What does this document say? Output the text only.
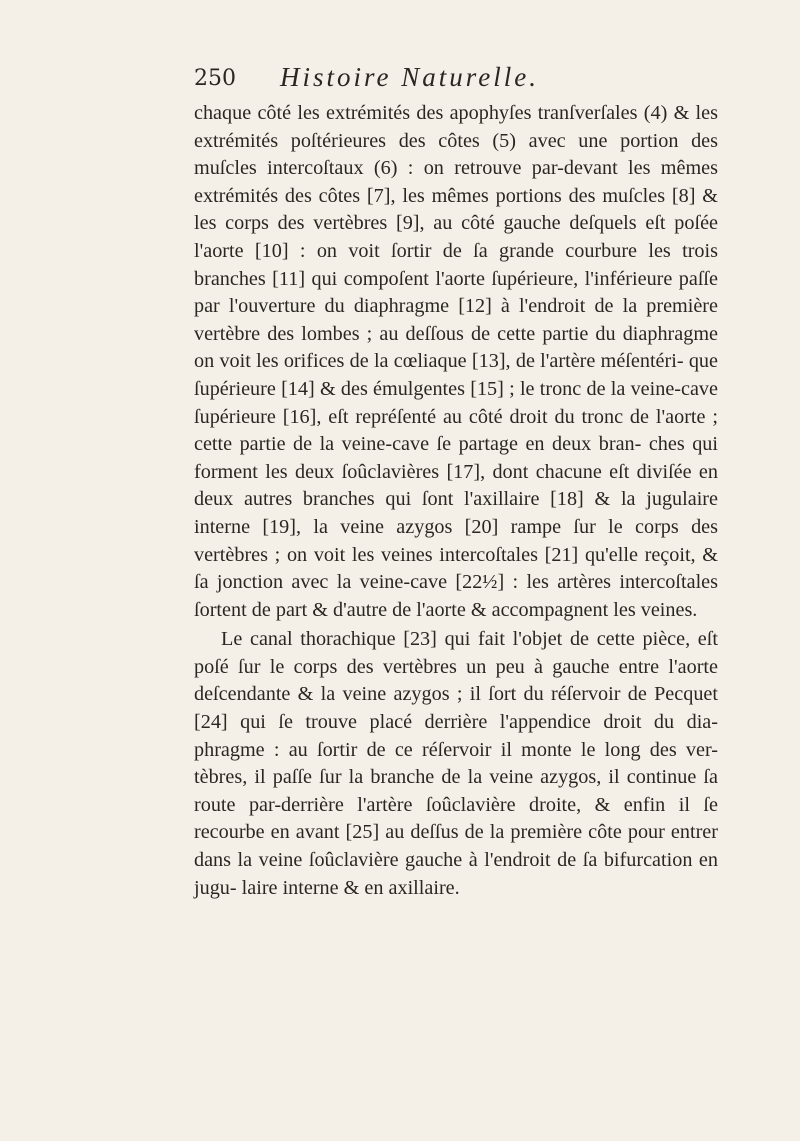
250 Histoire Naturelle.

chaque côté les extrémités des apophyſes tranſverſales (4) & les extrémités poſtérieures des côtes (5) avec une portion des muſcles intercoſtaux (6) : on retrouve par-devant les mêmes extrémités des côtes [7], les mêmes portions des muſcles [8] & les corps des vertèbres [9], au côté gauche deſquels eſt poſée l'aorte [10] : on voit ſortir de ſa grande courbure les trois branches [11] qui compoſent l'aorte ſupérieure, l'inférieure paſſe par l'ouverture du diaphragme [12] à l'endroit de la première vertèbre des lombes ; au deſſous de cette partie du diaphragme on voit les orifices de la cœliaque [13], de l'artère méſentéri- que ſupérieure [14] & des émulgentes [15] ; le tronc de la veine-cave ſupérieure [16], eſt repréſenté au côté droit du tronc de l'aorte ; cette partie de la veine-cave ſe partage en deux bran- ches qui forment les deux ſoûclavières [17], dont chacune eſt diviſée en deux autres branches qui ſont l'axillaire [18] & la jugulaire interne [19], la veine azygos [20] rampe ſur le corps des vertèbres ; on voit les veines intercoſtales [21] qu'elle reçoit, & ſa jonction avec la veine-cave [22½] : les artères intercoſtales ſortent de part & d'autre de l'aorte & accompagnent les veines.

Le canal thorachique [23] qui fait l'objet de cette pièce, eſt poſé ſur le corps des vertèbres un peu à gauche entre l'aorte deſcendante & la veine azygos ; il ſort du réſervoir de Pecquet [24] qui ſe trouve placé derrière l'appendice droit du dia- phragme : au ſortir de ce réſervoir il monte le long des ver- tèbres, il paſſe ſur la branche de la veine azygos, il continue ſa route par-derrière l'artère ſoûclavière droite, & enfin il ſe recourbe en avant [25] au deſſus de la première côte pour entrer dans la veine ſoûclavière gauche à l'endroit de ſa bifurcation en jugu- laire interne & en axillaire.
